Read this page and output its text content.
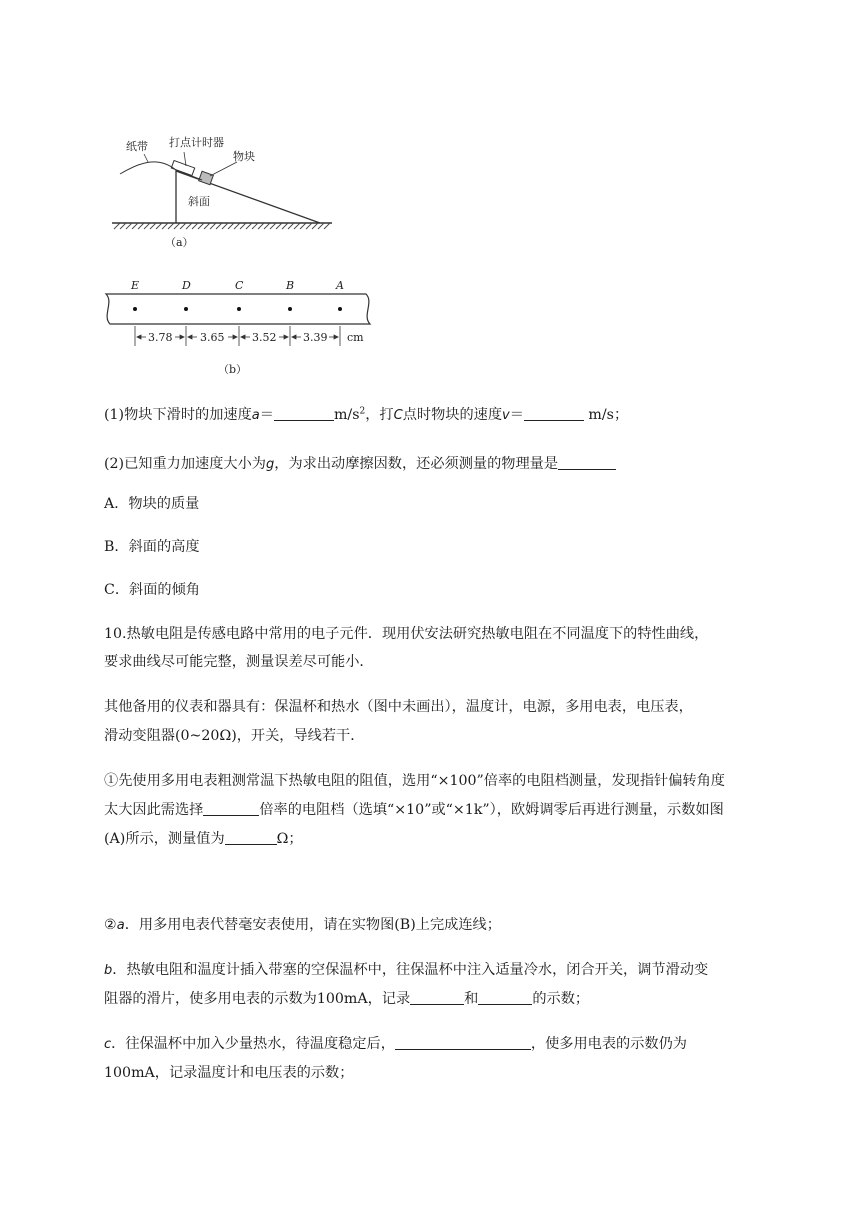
纸带 打点计时器
物块
斜面
（a）
E	D	C	B	A
3.78	3.65	3.52 3.39 cm
（b）
(1)物块下滑时的加速度a＝	$m/s^2$，打C点时物块的速度v＝	m/s；
(2)已知重力加速度大小为g，为求出动摩擦因数，还必须测量的物理量是
A．物块的质量
B．斜面的高度
C．斜面的倾角
10.热敏电阻是传感电路中常用的电子元件．现用伏安法研究热敏电阻在不同温度下的特性曲线，
要求曲线尽可能完整，测量误差尽可能小．
其他备用的仪表和器具有：保温杯和热水（图中未画出），温度计，电源，多用电表，电压表，
滑动变阻器(0~20Ω)，开关，导线若干．
①先使用多用电表粗测常温下热敏电阻的阻值，选用“×100”倍率的电阻档测量，发现指针偏转角度
太大因此需选择	倍率的电阻档（选填“×10”或“×1k”），欧姆调零后再进行测量，示数如图
(A)所示，测量值为	Ω；
②a．用多用电表代替毫安表使用，请在实物图(B)上完成连线；
b．热敏电阻和温度计插入带塞的空保温杯中，往保温杯中注入适量冷水，闭合开关，调节滑动变
阻器的滑片，使多用电表的示数为100mA，记录	和	的示数；
c．往保温杯中加入少量热水，待温度稳定后，	，使多用电表的示数仍为
100mA，记录温度计和电压表的示数；
